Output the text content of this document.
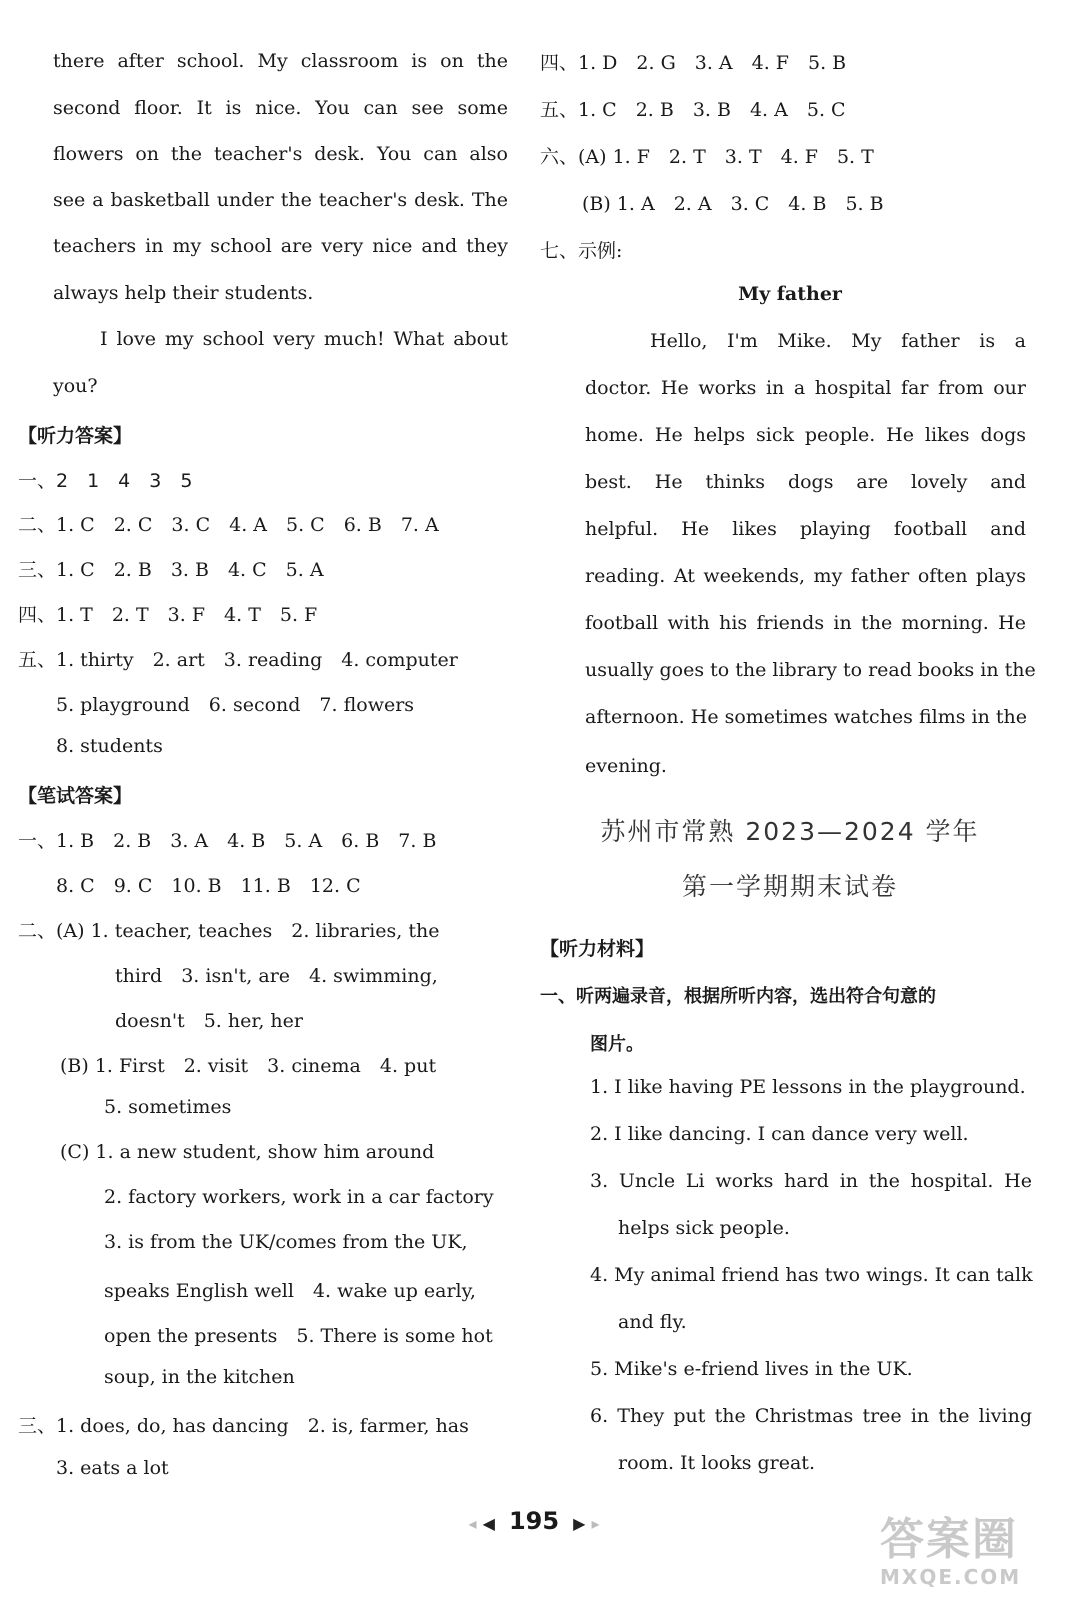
there after school. My classroom is on the
second floor. It is nice. You can see some
flowers on the teacher's desk. You can also
see a basketball under the teacher's desk. The
teachers in my school are very nice and they
always help their students.
I love my school very much! What about
you?
【听力答案】
一、2　1　4　3　5
二、1. C　2. C　3. C　4. A　5. C　6. B　7. A
三、1. C　2. B　3. B　4. C　5. A
四、1. T　2. T　3. F　4. T　5. F
五、1. thirty　2. art　3. reading　4. computer
5. playground　6. second　7. flowers
8. students
【笔试答案】
一、1. B　2. B　3. A　4. B　5. A　6. B　7. B
8. C　9. C　10. B　11. B　12. C
二、(A) 1. teacher, teaches　2. libraries, the
third　3. isn't, are　4. swimming,
doesn't　5. her, her
(B) 1. First　2. visit　3. cinema　4. put
5. sometimes
(C) 1. a new student, show him around
2. factory workers, work in a car factory
3. is from the UK/comes from the UK,
speaks English well　4. wake up early,
open the presents　5. There is some hot
soup, in the kitchen
三、1. does, do, has dancing　2. is, farmer, has
3. eats a lot
四、1. D　2. G　3. A　4. F　5. B
五、1. C　2. B　3. B　4. A　5. C
六、(A) 1. F　2. T　3. T　4. F　5. T
(B) 1. A　2. A　3. C　4. B　5. B
七、示例:
My father
Hello, I'm Mike. My father is a
doctor. He works in a hospital far from our
home. He helps sick people. He likes dogs
best. He thinks dogs are lovely and
helpful. He likes playing football and
reading. At weekends, my father often plays
football with his friends in the morning. He
usually goes to the library to read books in the
afternoon. He sometimes watches films in the
evening.
苏州市常熟 2023—2024 学年
第一学期期末试卷
【听力材料】
一、听两遍录音，根据所听内容，选出符合句意的
图片。
1. I like having PE lessons in the playground.
2. I like dancing. I can dance very well.
3. Uncle Li works hard in the hospital. He
helps sick people.
4. My animal friend has two wings. It can talk
and fly.
5. Mike's e-friend lives in the UK.
6. They put the Christmas tree in the living
room. It looks great.
◂ ◀ 195 ▶ ▸	答案圈
MXQE.COM
